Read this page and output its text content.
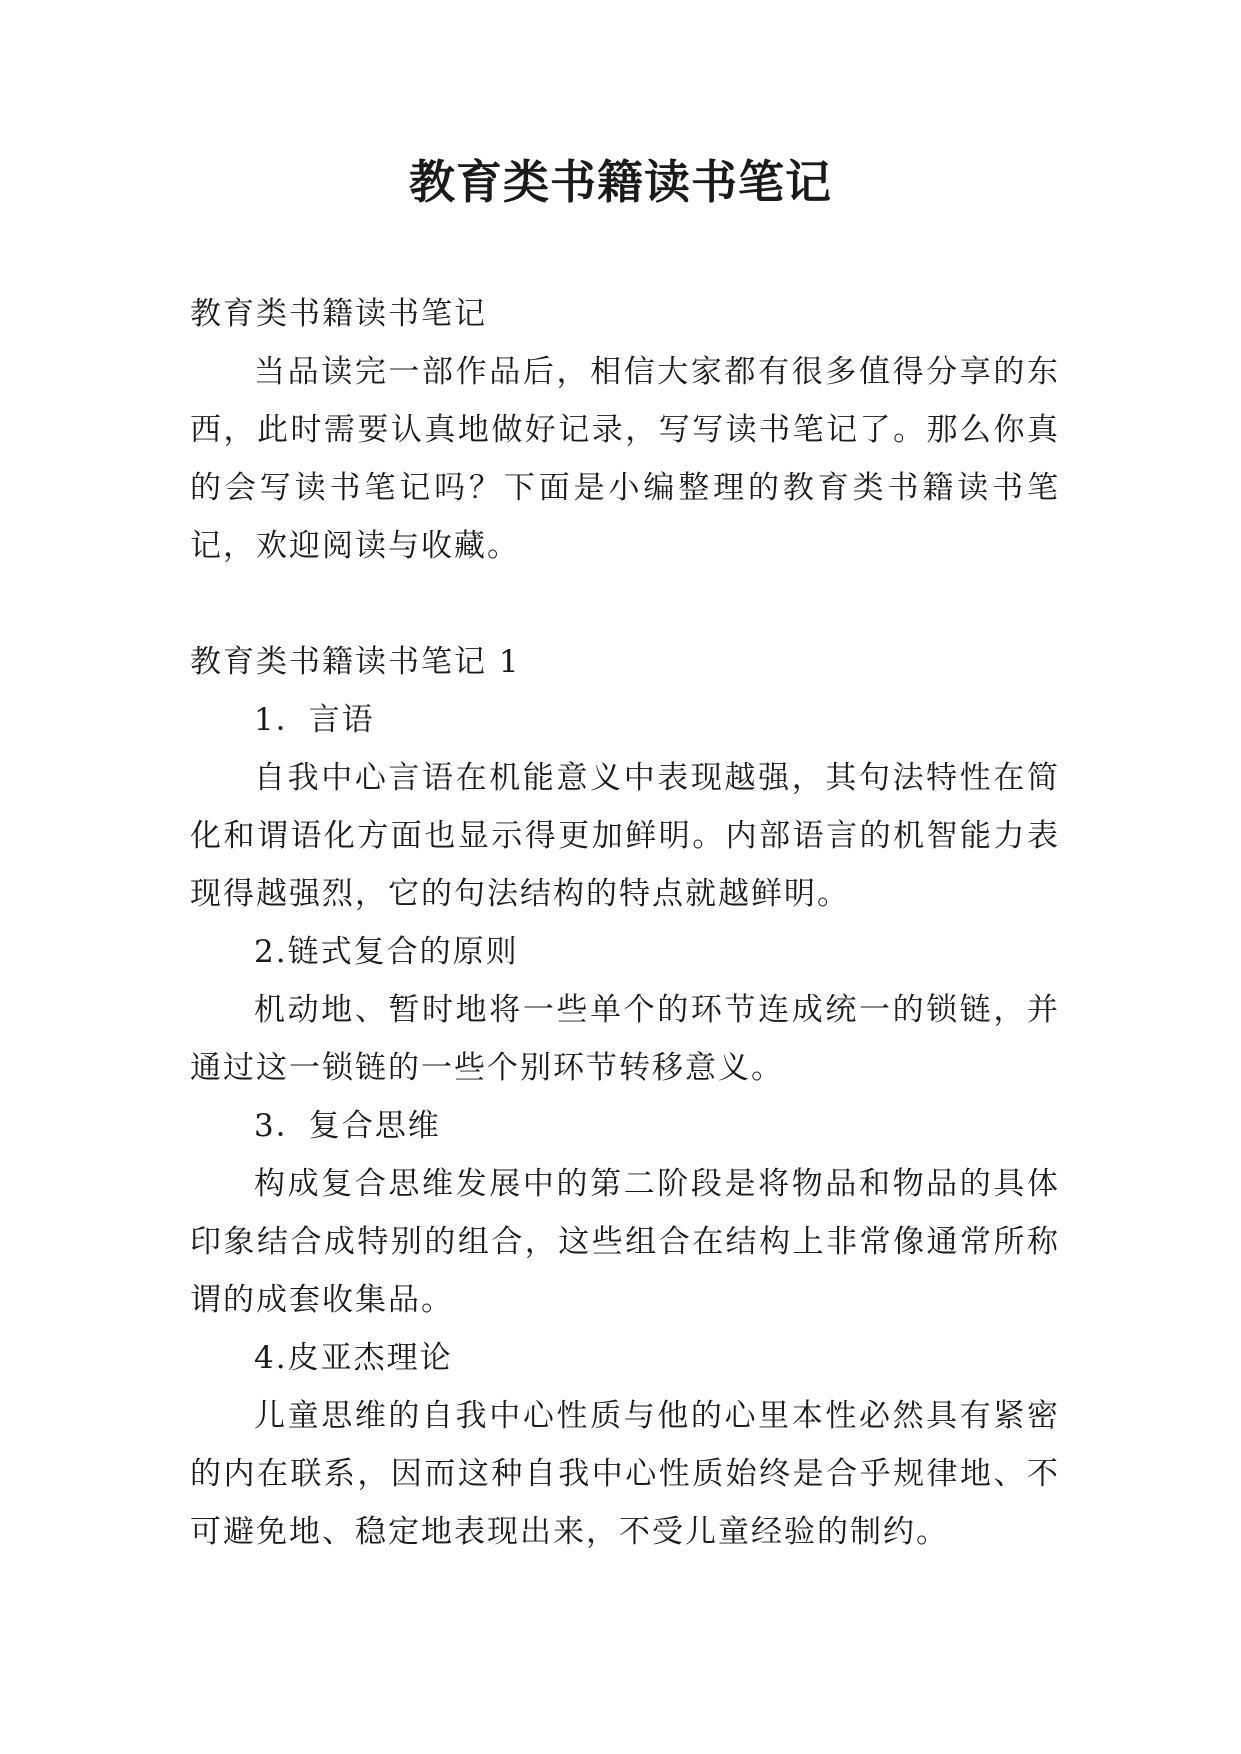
教育类书籍读书笔记

教育类书籍读书笔记

当品读完一部作品后，相信大家都有很多值得分享的东西，此时需要认真地做好记录，写写读书笔记了。那么你真的会写读书笔记吗？下面是小编整理的教育类书籍读书笔记，欢迎阅读与收藏。

教育类书籍读书笔记 1

1．言语

自我中心言语在机能意义中表现越强，其句法特性在简化和谓语化方面也显示得更加鲜明。内部语言的机智能力表现得越强烈，它的句法结构的特点就越鲜明。

2.链式复合的原则

机动地、暂时地将一些单个的环节连成统一的锁链，并通过这一锁链的一些个别环节转移意义。

3．复合思维

构成复合思维发展中的第二阶段是将物品和物品的具体印象结合成特别的组合，这些组合在结构上非常像通常所称谓的成套收集品。

4.皮亚杰理论

儿童思维的自我中心性质与他的心里本性必然具有紧密的内在联系，因而这种自我中心性质始终是合乎规律地、不可避免地、稳定地表现出来，不受儿童经验的制约。
